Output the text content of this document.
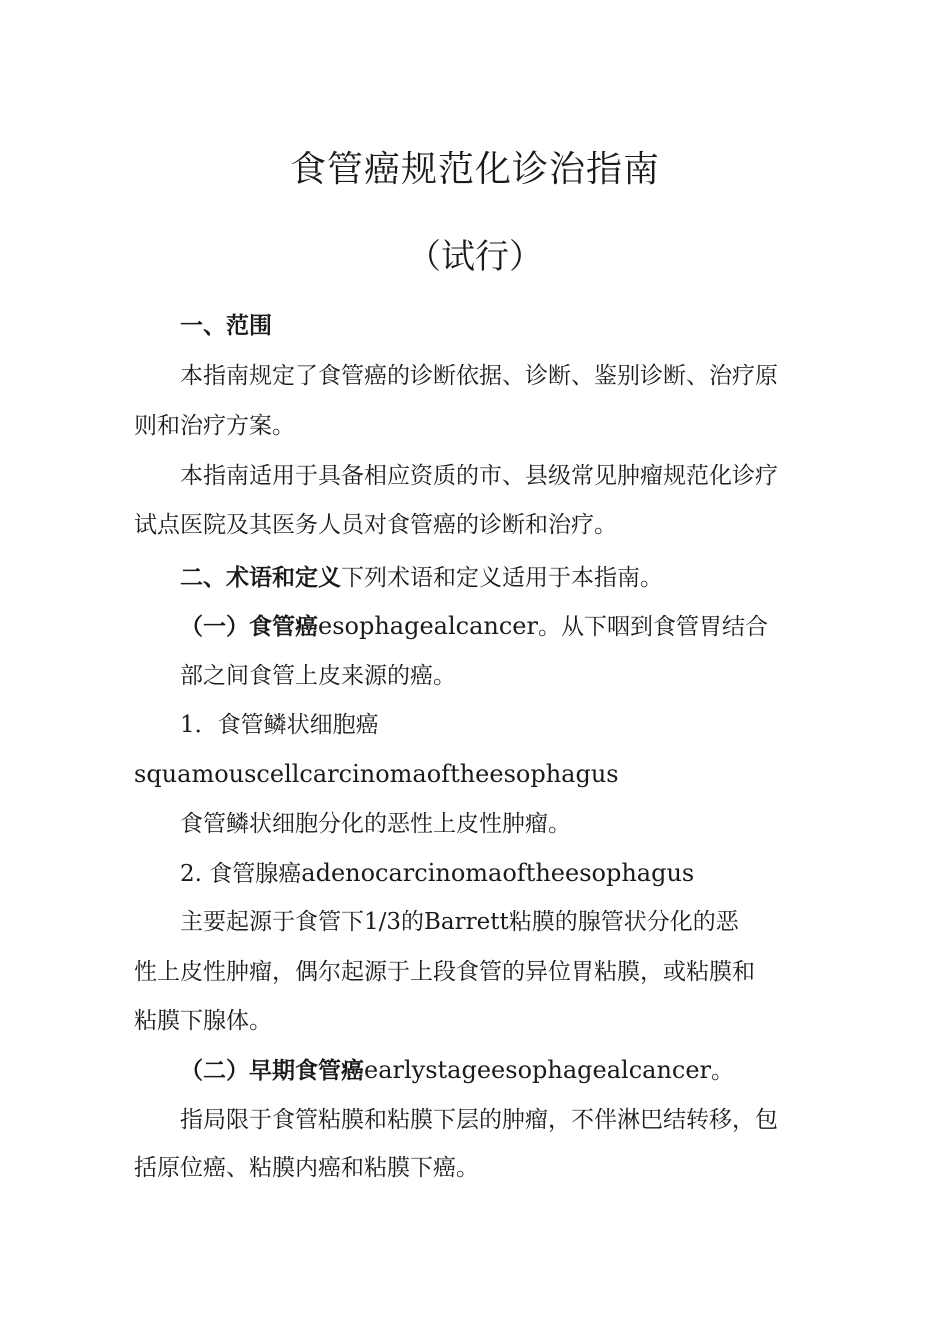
食管癌规范化诊治指南
（试行）
一、范围
本指南规定了食管癌的诊断依据、诊断、鉴别诊断、治疗原
则和治疗方案。
本指南适用于具备相应资质的市、县级常见肿瘤规范化诊疗
试点医院及其医务人员对食管癌的诊断和治疗。
二、术语和定义下列术语和定义适用于本指南。
（一）食管癌esophagealcancer。从下咽到食管胃结合
部之间食管上皮来源的癌。
1．食管鳞状细胞癌
squamouscellcarcinomaoftheesophagus
食管鳞状细胞分化的恶性上皮性肿瘤。
2. 食管腺癌adenocarcinomaoftheesophagus
主要起源于食管下1/3的Barrett粘膜的腺管状分化的恶
性上皮性肿瘤，偶尔起源于上段食管的异位胃粘膜，或粘膜和
粘膜下腺体。
（二）早期食管癌earlystageesophagealcancer。
指局限于食管粘膜和粘膜下层的肿瘤，不伴淋巴结转移，包
括原位癌、粘膜内癌和粘膜下癌。
